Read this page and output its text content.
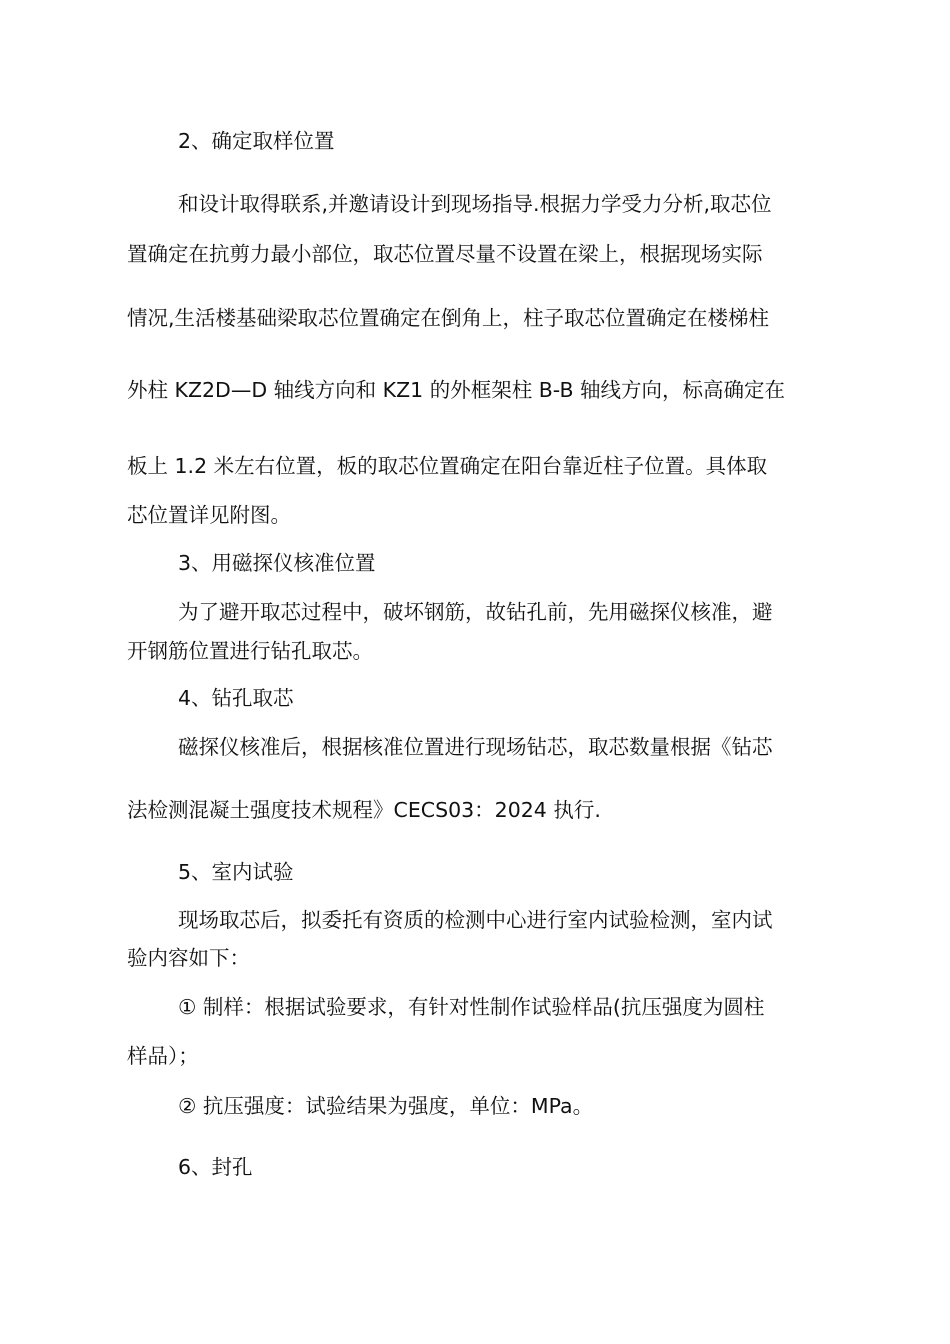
2、确定取样位置
和设计取得联系,并邀请设计到现场指导.根据力学受力分析,取芯位
置确定在抗剪力最小部位，取芯位置尽量不设置在梁上，根据现场实际
情况,生活楼基础梁取芯位置确定在倒角上，柱子取芯位置确定在楼梯柱
外柱 KZ2D—D 轴线方向和 KZ1 的外框架柱 B-B 轴线方向，标高确定在
板上 1.2 米左右位置，板的取芯位置确定在阳台靠近柱子位置。具体取
芯位置详见附图。
3、用磁探仪核准位置
为了避开取芯过程中，破坏钢筋，故钻孔前，先用磁探仪核准，避
开钢筋位置进行钻孔取芯。
4、钻孔取芯
磁探仪核准后，根据核准位置进行现场钻芯，取芯数量根据《钻芯
法检测混凝土强度技术规程》CECS03：2024 执行.
5、室内试验
现场取芯后，拟委托有资质的检测中心进行室内试验检测，室内试
验内容如下：
① 制样：根据试验要求，有针对性制作试验样品(抗压强度为圆柱
样品）；
② 抗压强度：试验结果为强度，单位：MPa。
6、封孔
